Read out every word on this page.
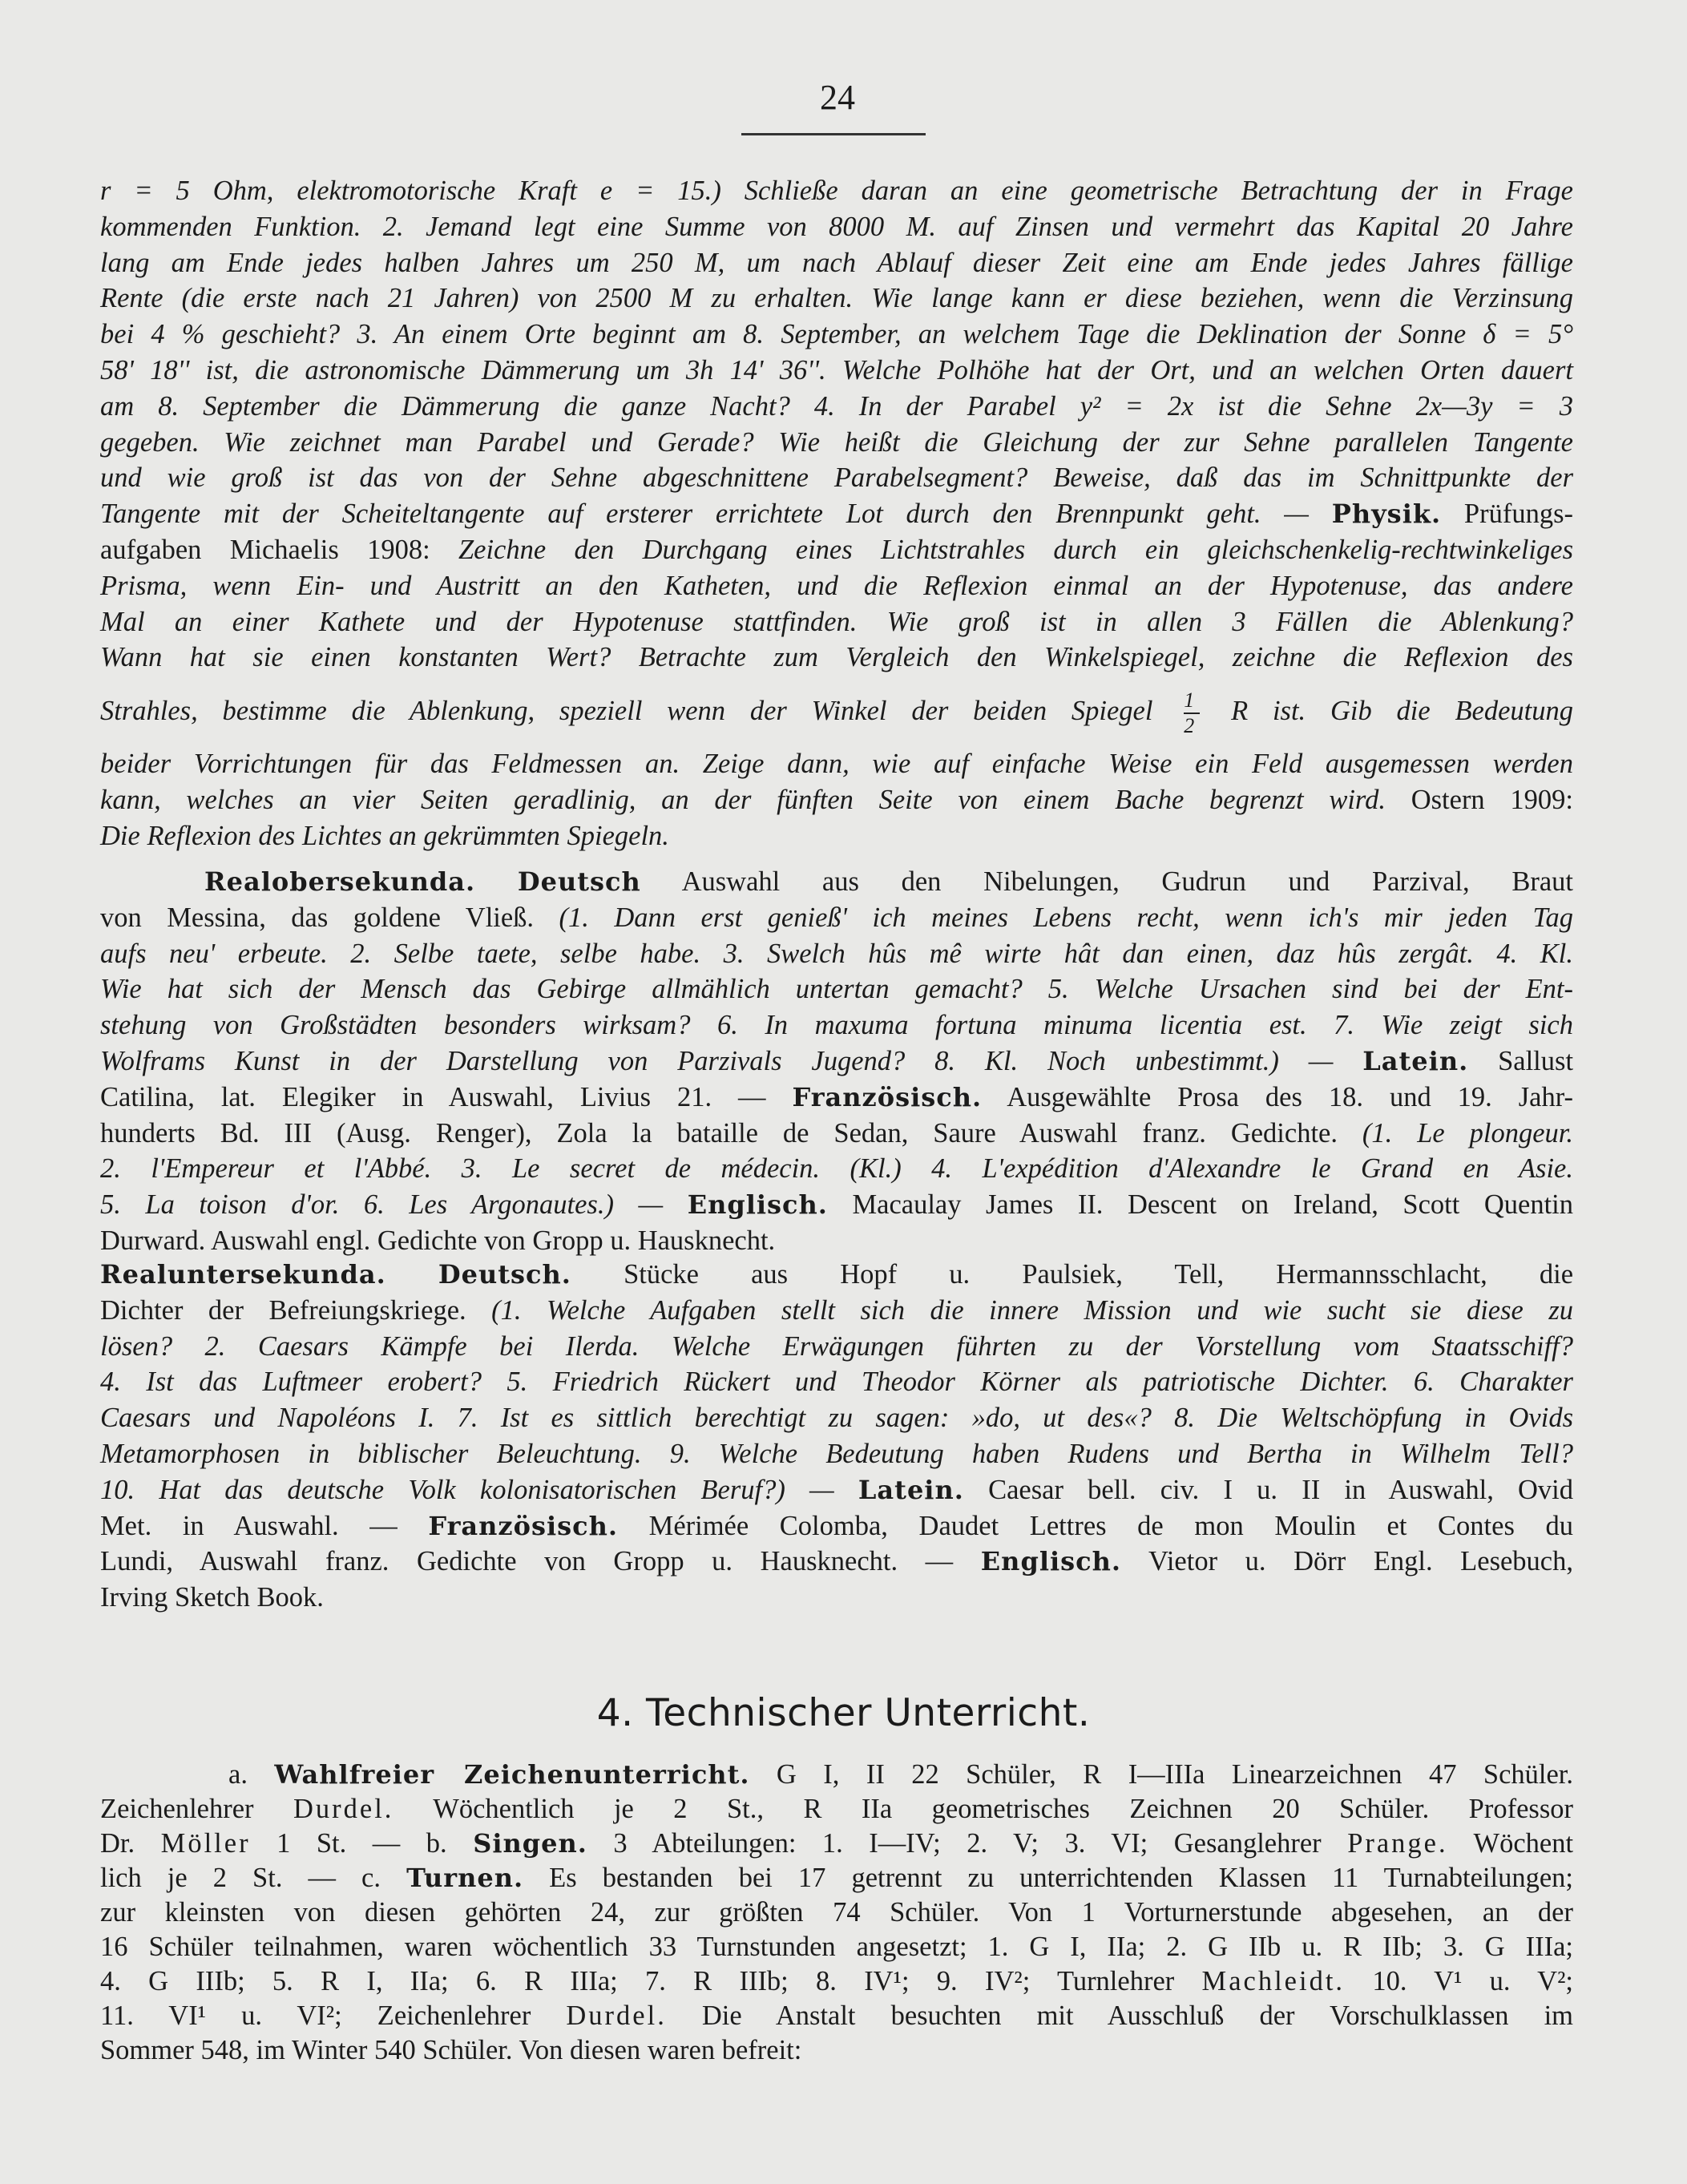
24
r = 5 Ohm, elektromotorische Kraft e = 15.) Schließe daran an eine geometrische Betrachtung der in Frage
kommenden Funktion. 2. Jemand legt eine Summe von 8000 M. auf Zinsen und vermehrt das Kapital 20 Jahre
lang am Ende jedes halben Jahres um 250 M, um nach Ablauf dieser Zeit eine am Ende jedes Jahres fällige
Rente (die erste nach 21 Jahren) von 2500 M zu erhalten. Wie lange kann er diese beziehen, wenn die Verzinsung
bei 4 % geschieht? 3. An einem Orte beginnt am 8. September, an welchem Tage die Deklination der Sonne δ = 5°
58' 18'' ist, die astronomische Dämmerung um 3h 14' 36''. Welche Polhöhe hat der Ort, und an welchen Orten dauert
am 8. September die Dämmerung die ganze Nacht? 4. In der Parabel y² = 2x ist die Sehne 2x—3y = 3
gegeben. Wie zeichnet man Parabel und Gerade? Wie heißt die Gleichung der zur Sehne parallelen Tangente
und wie groß ist das von der Sehne abgeschnittene Parabelsegment? Beweise, daß das im Schnittpunkte der
Tangente mit der Scheiteltangente auf ersterer errichtete Lot durch den Brennpunkt geht. — Physik. Prüfungs-
aufgaben Michaelis 1908: Zeichne den Durchgang eines Lichtstrahles durch ein gleichschenkelig-rechtwinkeliges
Prisma, wenn Ein- und Austritt an den Katheten, und die Reflexion einmal an der Hypotenuse, das andere
Mal an einer Kathete und der Hypotenuse stattfinden. Wie groß ist in allen 3 Fällen die Ablenkung?
Wann hat sie einen konstanten Wert? Betrachte zum Vergleich den Winkelspiegel, zeichne die Reflexion des
Strahles, bestimme die Ablenkung, speziell wenn der Winkel der beiden Spiegel $\frac{1}{2}$ R ist. Gib die Bedeutung
beider Vorrichtungen für das Feldmessen an. Zeige dann, wie auf einfache Weise ein Feld ausgemessen werden
kann, welches an vier Seiten geradlinig, an der fünften Seite von einem Bache begrenzt wird. Ostern 1909:
Die Reflexion des Lichtes an gekrümmten Spiegeln.
Realobersekunda. Deutsch Auswahl aus den Nibelungen, Gudrun und Parzival, Braut
von Messina, das goldene Vließ. (1. Dann erst genieß' ich meines Lebens recht, wenn ich's mir jeden Tag
aufs neu' erbeute. 2. Selbe taete, selbe habe. 3. Swelch hûs mê wirte hât dan einen, daz hûs zergât. 4. Kl.
Wie hat sich der Mensch das Gebirge allmählich untertan gemacht? 5. Welche Ursachen sind bei der Ent-
stehung von Großstädten besonders wirksam? 6. In maxuma fortuna minuma licentia est. 7. Wie zeigt sich
Wolframs Kunst in der Darstellung von Parzivals Jugend? 8. Kl. Noch unbestimmt.) — Latein. Sallust
Catilina, lat. Elegiker in Auswahl, Livius 21. — Französisch. Ausgewählte Prosa des 18. und 19. Jahr-
hunderts Bd. III (Ausg. Renger), Zola la bataille de Sedan, Saure Auswahl franz. Gedichte. (1. Le plongeur.
2. l'Empereur et l'Abbé. 3. Le secret de médecin. (Kl.) 4. L'expédition d'Alexandre le Grand en Asie.
5. La toison d'or. 6. Les Argonautes.) — Englisch. Macaulay James II. Descent on Ireland, Scott Quentin
Durward. Auswahl engl. Gedichte von Gropp u. Hausknecht.
Realuntersekunda. Deutsch. Stücke aus Hopf u. Paulsiek, Tell, Hermannsschlacht, die
Dichter der Befreiungskriege. (1. Welche Aufgaben stellt sich die innere Mission und wie sucht sie diese zu
lösen? 2. Caesars Kämpfe bei Ilerda. Welche Erwägungen führten zu der Vorstellung vom Staatsschiff?
4. Ist das Luftmeer erobert? 5. Friedrich Rückert und Theodor Körner als patriotische Dichter. 6. Charakter
Caesars und Napoléons I. 7. Ist es sittlich berechtigt zu sagen: »do, ut des«? 8. Die Weltschöpfung in Ovids
Metamorphosen in biblischer Beleuchtung. 9. Welche Bedeutung haben Rudens und Bertha in Wilhelm Tell?
10. Hat das deutsche Volk kolonisatorischen Beruf?) — Latein. Caesar bell. civ. I u. II in Auswahl, Ovid
Met. in Auswahl. — Französisch. Mérimée Colomba, Daudet Lettres de mon Moulin et Contes du
Lundi, Auswahl franz. Gedichte von Gropp u. Hausknecht. — Englisch. Vietor u. Dörr Engl. Lesebuch,
Irving Sketch Book.
4. Technischer Unterricht.
a. Wahlfreier Zeichenunterricht. G I, II 22 Schüler, R I—IIIa Linearzeichnen 47 Schüler.
Zeichenlehrer Durdel. Wöchentlich je 2 St., R IIa geometrisches Zeichnen 20 Schüler. Professor
Dr. Möller 1 St. — b. Singen. 3 Abteilungen: 1. I—IV; 2. V; 3. VI; Gesanglehrer Prange. Wöchent
lich je 2 St. — c. Turnen. Es bestanden bei 17 getrennt zu unterrichtenden Klassen 11 Turnabteilungen;
zur kleinsten von diesen gehörten 24, zur größten 74 Schüler. Von 1 Vorturnerstunde abgesehen, an der
16 Schüler teilnahmen, waren wöchentlich 33 Turnstunden angesetzt; 1. G I, IIa; 2. G IIb u. R IIb; 3. G IIIa;
4. G IIIb; 5. R I, IIa; 6. R IIIa; 7. R IIIb; 8. IV¹; 9. IV²; Turnlehrer Machleidt. 10. V¹ u. V²;
11. VI¹ u. VI²; Zeichenlehrer Durdel. Die Anstalt besuchten mit Ausschluß der Vorschulklassen im
Sommer 548, im Winter 540 Schüler. Von diesen waren befreit:
